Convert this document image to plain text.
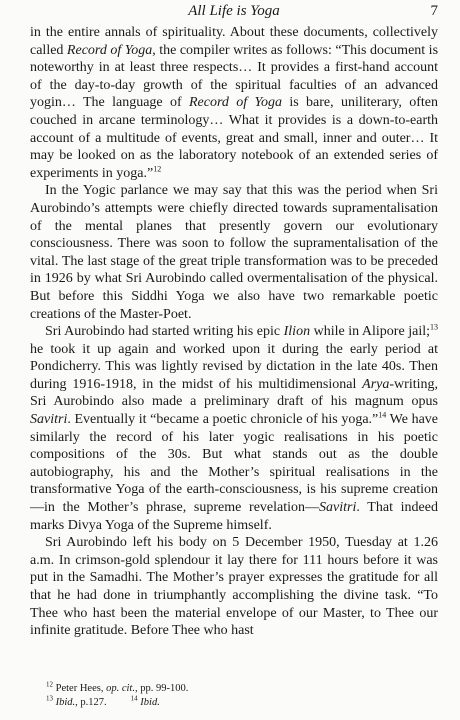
All Life is Yoga	7

in the entire annals of spirituality. About these documents, collectively called Record of Yoga, the compiler writes as follows: “This document is noteworthy in at least three respects… It provides a first-hand account of the day-to-day growth of the spiritual faculties of an advanced yogin… The language of Record of Yoga is bare, uniliterary, often couched in arcane terminology… What it provides is a down-to-earth account of a multitude of events, great and small, inner and outer… It may be looked on as the laboratory notebook of an extended series of experiments in yoga.”$^{12}$

In the Yogic parlance we may say that this was the period when Sri Aurobindo’s attempts were chiefly directed towards supramentalisation of the mental planes that presently govern our evolutionary consciousness. There was soon to follow the supramentalisation of the vital. The last stage of the great triple transformation was to be preceded in 1926 by what Sri Aurobindo called overmentalisation of the physical. But before this Siddhi Yoga we also have two remarkable poetic creations of the Master-Poet.

Sri Aurobindo had started writing his epic Ilion while in Alipore jail;$^{13}$ he took it up again and worked upon it during the early period at Pondicherry. This was lightly revised by dictation in the late 40s. Then during 1916-1918, in the midst of his multidimensional Arya-writing, Sri Aurobindo also made a preliminary draft of his magnum opus Savitri. Eventually it “became a poetic chronicle of his yoga.”$^{14}$ We have similarly the record of his later yogic realisations in his poetic compositions of the 30s. But what stands out as the double autobiography, his and the Mother’s spiritual realisations in the transformative Yoga of the earth-consciousness, is his supreme creation—in the Mother’s phrase, supreme revelation—Savitri. That indeed marks Divya Yoga of the Supreme himself.

Sri Aurobindo left his body on 5 December 1950, Tuesday at 1.26 a.m. In crimson-gold splendour it lay there for 111 hours before it was put in the Samadhi. The Mother’s prayer expresses the gratitude for all that he had done in triumphantly accomplishing the divine task. “To Thee who hast been the material envelope of our Master, to Thee our infinite gratitude. Before Thee who hast

$^{12}$ Peter Hees, op. cit., pp. 99-100.

$^{13}$ Ibid., p.127.	$^{14}$ Ibid.
